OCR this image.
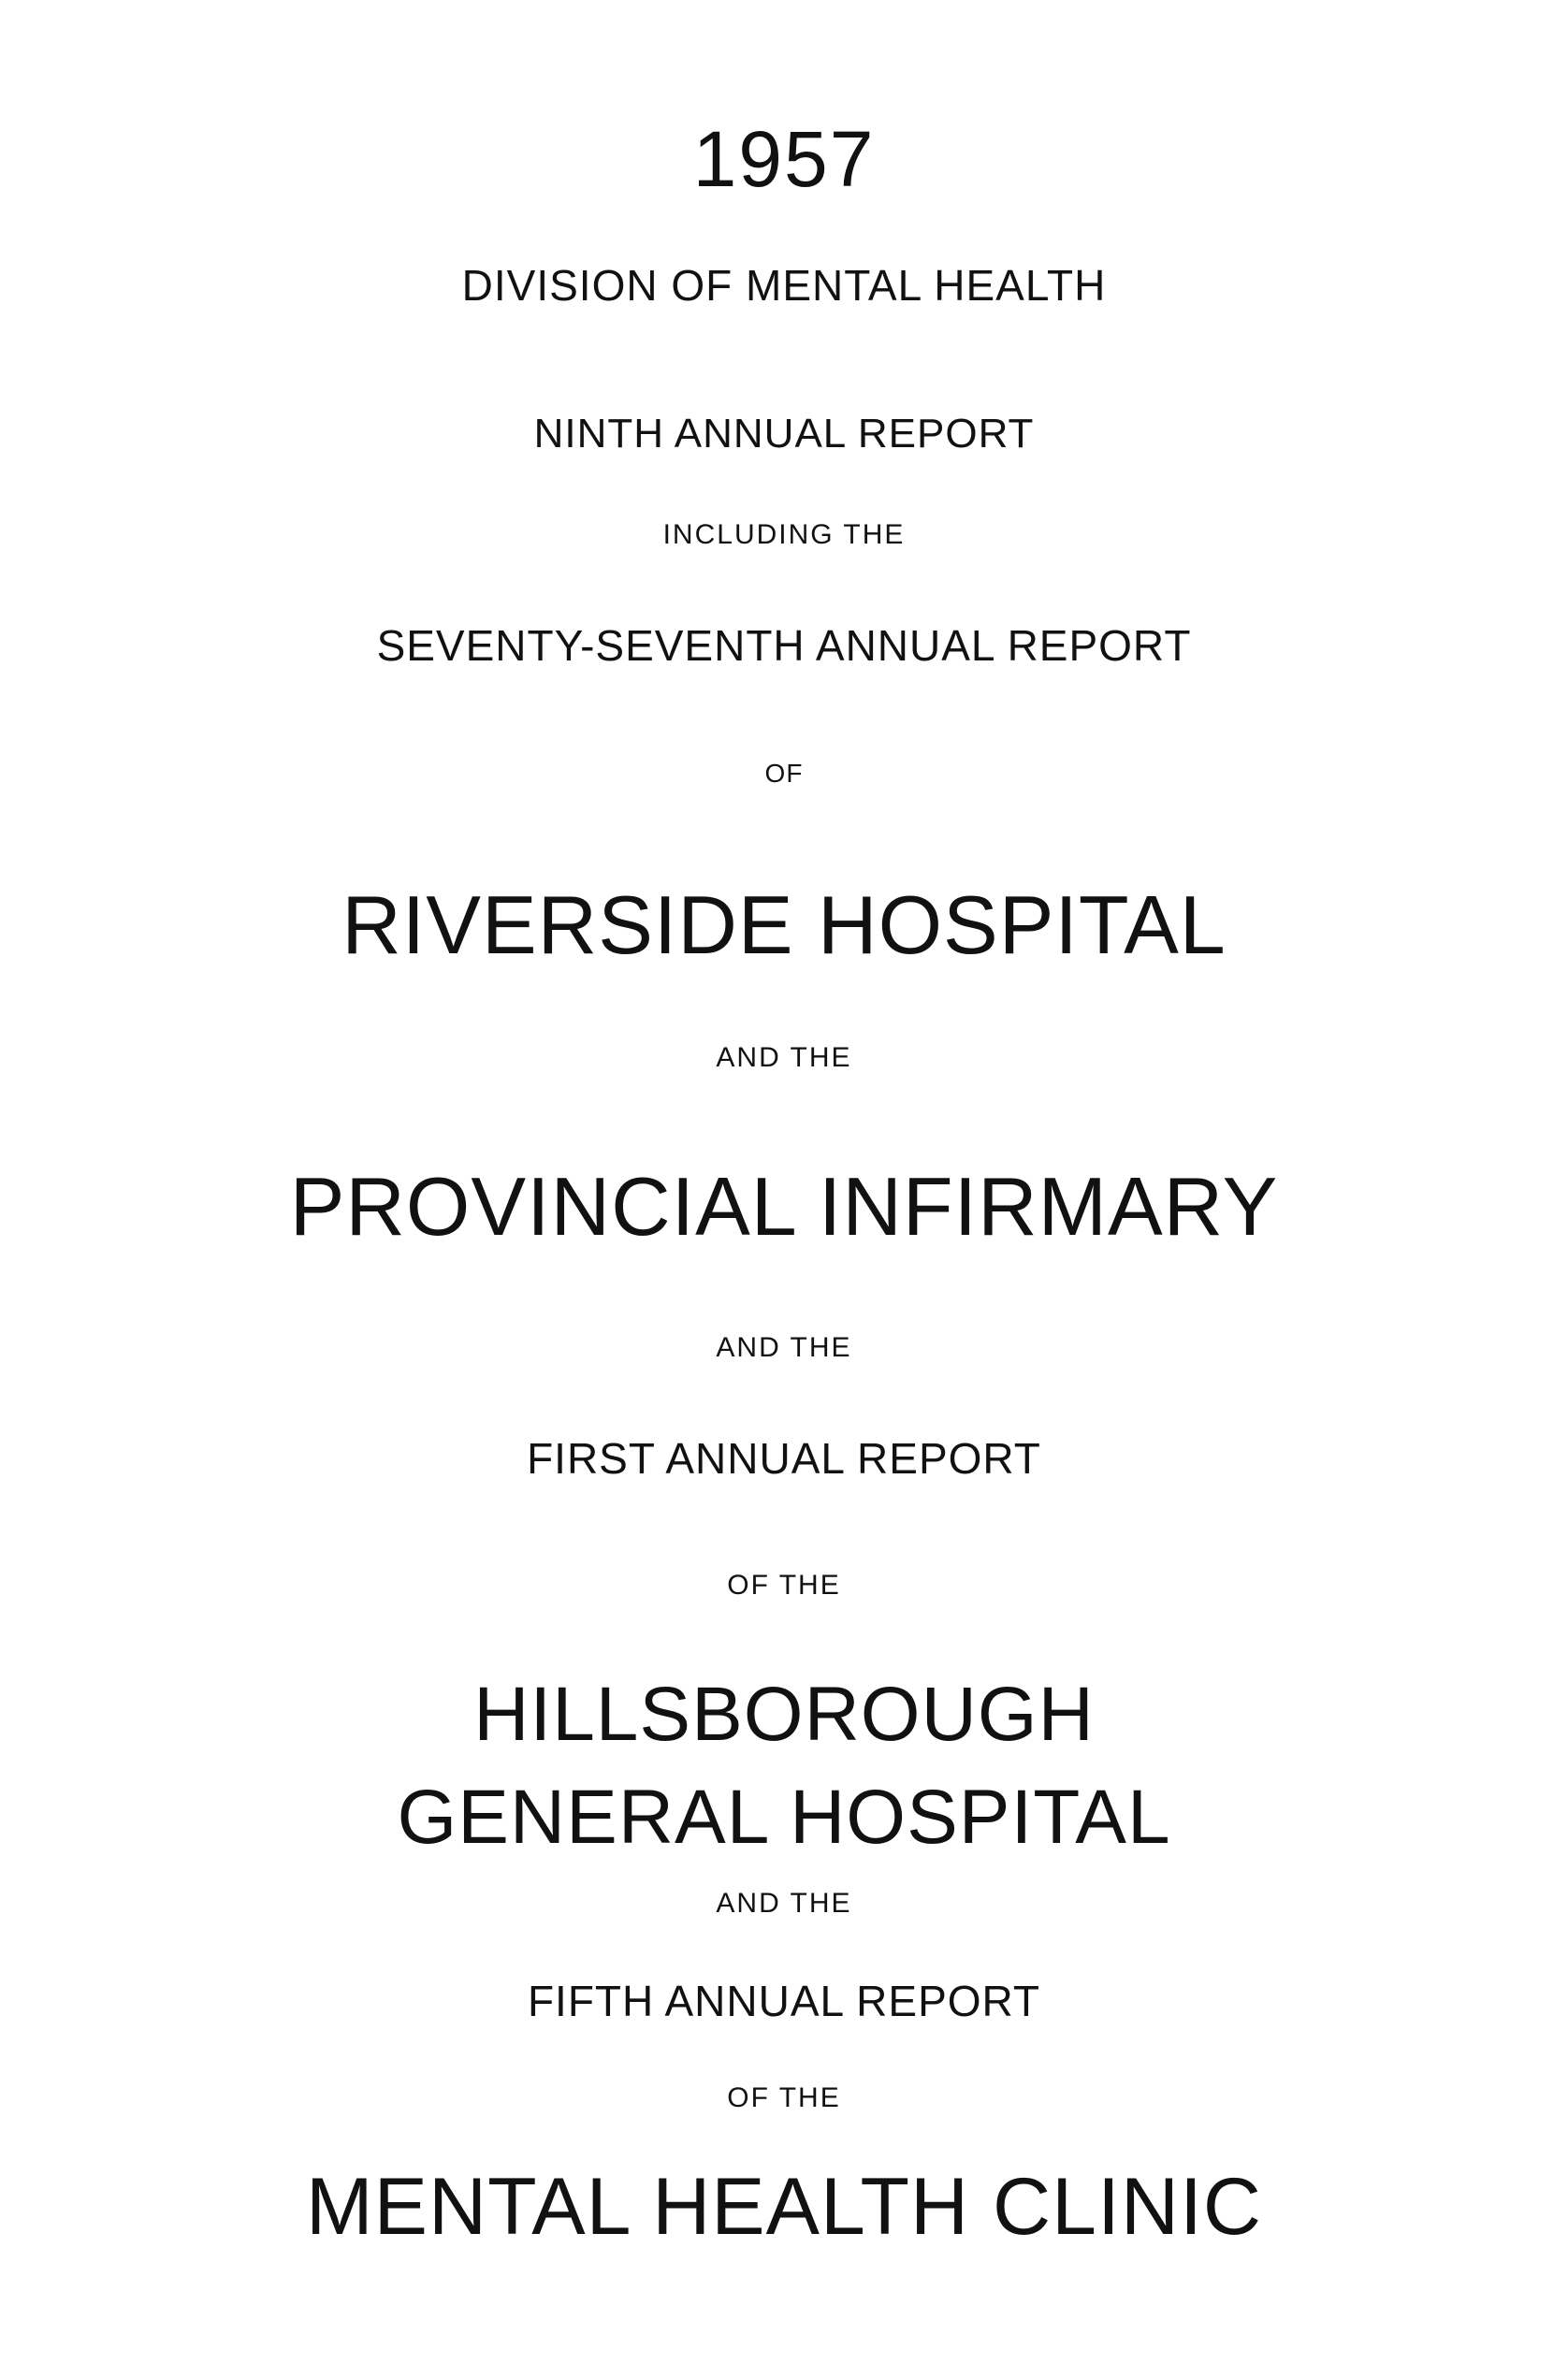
1957
DIVISION OF MENTAL HEALTH
NINTH ANNUAL REPORT
INCLUDING THE
SEVENTY-SEVENTH ANNUAL REPORT
OF
RIVERSIDE HOSPITAL
AND THE
PROVINCIAL INFIRMARY
AND THE
FIRST ANNUAL REPORT
OF THE
HILLSBOROUGH
GENERAL HOSPITAL
AND THE
FIFTH ANNUAL REPORT
OF THE
MENTAL HEALTH CLINIC
